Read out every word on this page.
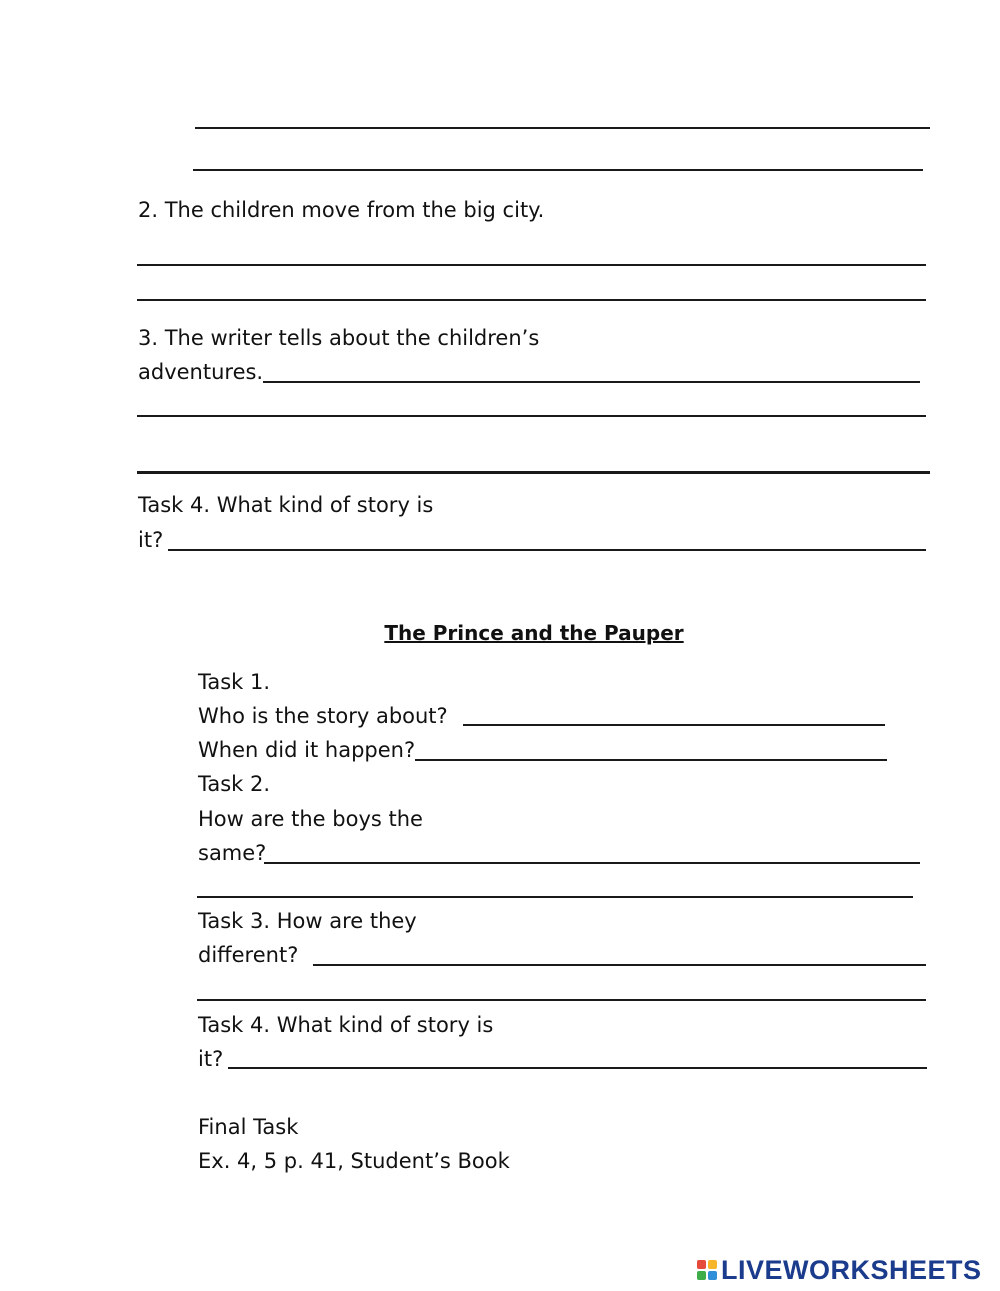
2. The children move from the big city.
3. The writer tells about the children’s
adventures.
Task 4. What kind of story is
it?
The Prince and the Pauper
Task 1.
Who is the story about?
When did it happen?
Task 2.
How are the boys the
same?
Task 3. How are they
different?
Task 4. What kind of story is
it?
Final Task
Ex. 4, 5 p. 41, Student’s Book
LIVEWORKSHEETS
